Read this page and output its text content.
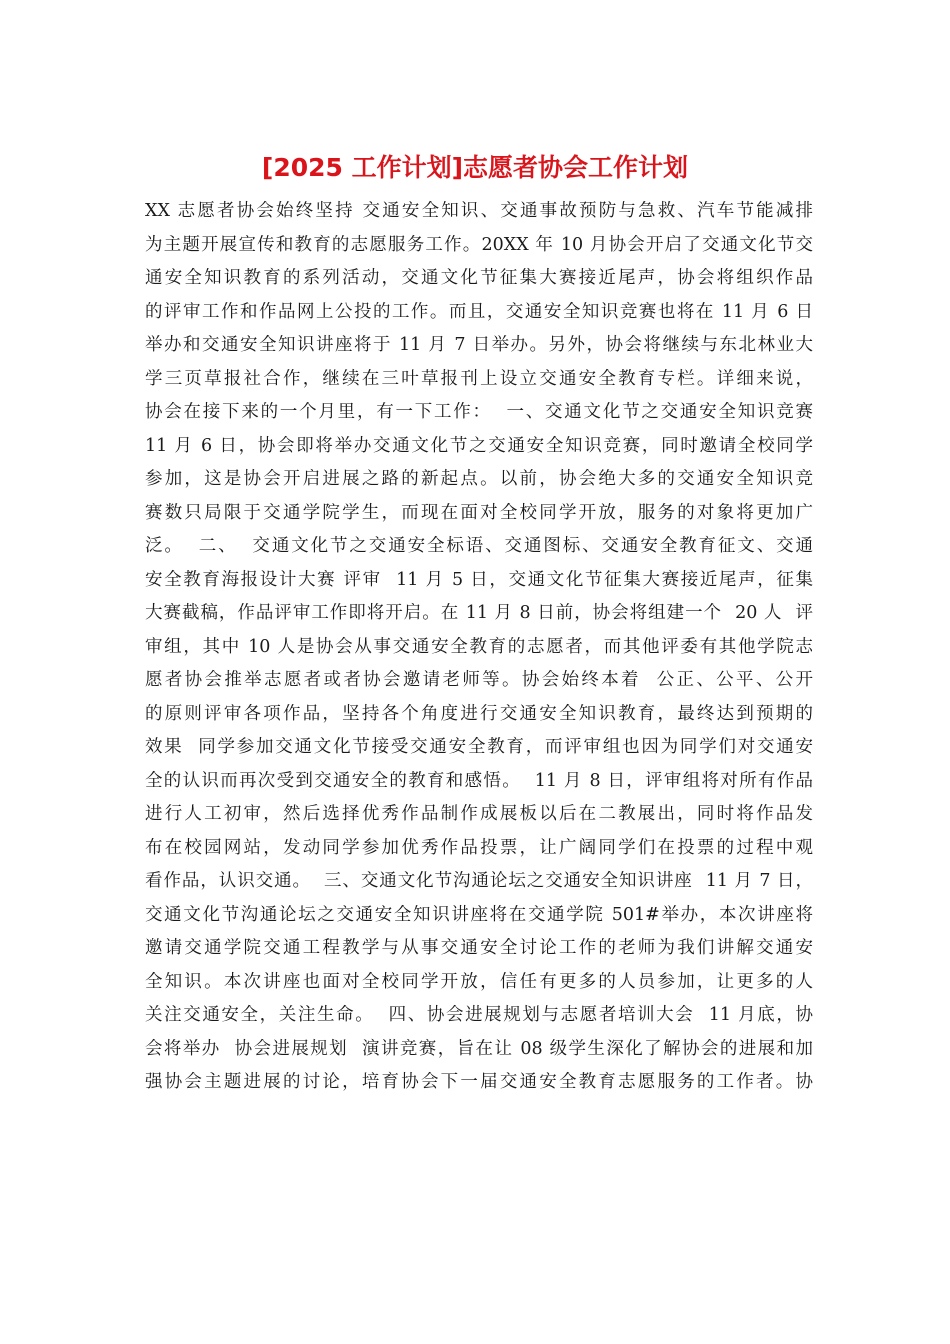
[2025 工作计划]志愿者协会工作计划
XX 志愿者协会始终坚持 交通安全知识、交通事故预防与急救、汽车节能减排
为主题开展宣传和教育的志愿服务工作。20XX 年 10 月协会开启了交通文化节交
通安全知识教育的系列活动，交通文化节征集大赛接近尾声，协会将组织作品
的评审工作和作品网上公投的工作。而且，交通安全知识竞赛也将在 11 月 6 日
举办和交通安全知识讲座将于 11 月 7 日举办。另外，协会将继续与东北林业大
学三页草报社合作，继续在三叶草报刊上设立交通安全教育专栏。详细来说，
协会在接下来的一个月里，有一下工作：  一、交通文化节之交通安全知识竞赛
11 月 6 日，协会即将举办交通文化节之交通安全知识竞赛，同时邀请全校同学
参加，这是协会开启进展之路的新起点。以前，协会绝大多的交通安全知识竞
赛数只局限于交通学院学生，而现在面对全校同学开放，服务的对象将更加广
泛。  二、  交通文化节之交通安全标语、交通图标、交通安全教育征文、交通
安全教育海报设计大赛 评审  11 月 5 日，交通文化节征集大赛接近尾声，征集
大赛截稿，作品评审工作即将开启。在 11 月 8 日前，协会将组建一个  20 人  评
审组，其中 10 人是协会从事交通安全教育的志愿者，而其他评委有其他学院志
愿者协会推举志愿者或者协会邀请老师等。协会始终本着  公正、公平、公开
的原则评审各项作品，坚持各个角度进行交通安全知识教育，最终达到预期的
效果  同学参加交通文化节接受交通安全教育，而评审组也因为同学们对交通安
全的认识而再次受到交通安全的教育和感悟。  11 月 8 日，评审组将对所有作品
进行人工初审，然后选择优秀作品制作成展板以后在二教展出，同时将作品发
布在校园网站，发动同学参加优秀作品投票，让广阔同学们在投票的过程中观
看作品，认识交通。  三、交通文化节沟通论坛之交通安全知识讲座  11 月 7 日，
交通文化节沟通论坛之交通安全知识讲座将在交通学院 501#举办，本次讲座将
邀请交通学院交通工程教学与从事交通安全讨论工作的老师为我们讲解交通安
全知识。本次讲座也面对全校同学开放，信任有更多的人员参加，让更多的人
关注交通安全，关注生命。  四、协会进展规划与志愿者培训大会  11 月底，协
会将举办  协会进展规划  演讲竞赛，旨在让 08 级学生深化了解协会的进展和加
强协会主题进展的讨论，培育协会下一届交通安全教育志愿服务的工作者。协
